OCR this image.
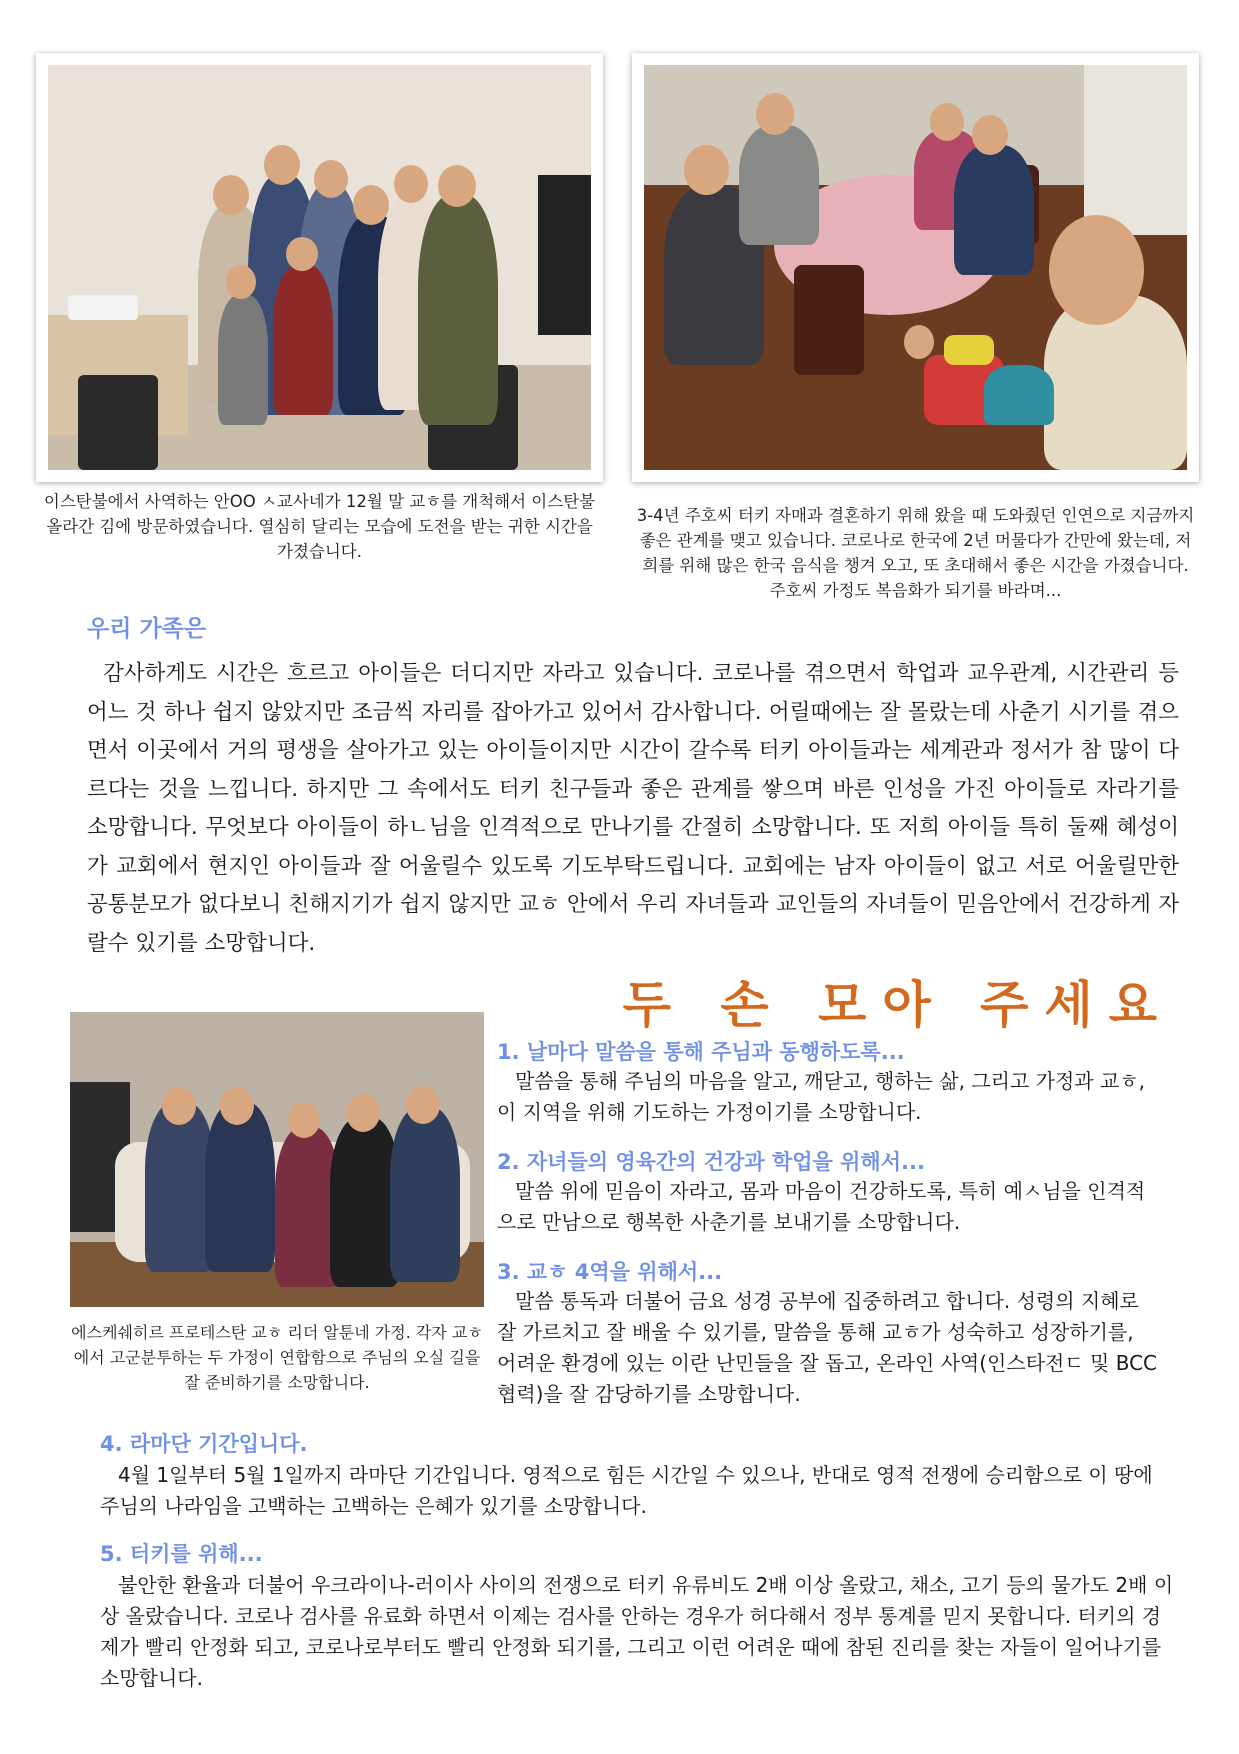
이스탄불에서 사역하는 안OO ㅅ교사네가 12월 말 교ㅎ를 개척해서 이스탄불 올라간 김에 방문하였습니다. 열심히 달리는 모습에 도전을 받는 귀한 시간을 가졌습니다.
3-4년 주호씨 터키 자매과 결혼하기 위해 왔을 때 도와줬던 인연으로 지금까지 좋은 관계를 맺고 있습니다. 코로나로 한국에 2년 머물다가 간만에 왔는데, 저희를 위해 많은 한국 음식을 챙겨 오고, 또 초대해서 좋은 시간을 가졌습니다. 주호씨 가정도 복음화가 되기를 바라며...
우리 가족은

감사하게도 시간은 흐르고 아이들은 더디지만 자라고 있습니다. 코로나를 겪으면서 학업과 교우관계, 시간관리 등 어느 것 하나 쉽지 않았지만 조금씩 자리를 잡아가고 있어서 감사합니다. 어릴때에는 잘 몰랐는데 사춘기 시기를 겪으면서 이곳에서 거의 평생을 살아가고 있는 아이들이지만 시간이 갈수록 터키 아이들과는 세계관과 정서가 참 많이 다르다는 것을 느낍니다. 하지만 그 속에서도 터키 친구들과 좋은 관계를 쌓으며 바른 인성을 가진 아이들로 자라기를 소망합니다. 무엇보다 아이들이 하ㄴ님을 인격적으로 만나기를 간절히 소망합니다. 또 저희 아이들 특히 둘째 혜성이가 교회에서 현지인 아이들과 잘 어울릴수 있도록 기도부탁드립니다. 교회에는 남자 아이들이 없고 서로 어울릴만한 공통분모가 없다보니 친해지기가 쉽지 않지만 교ㅎ 안에서 우리 자녀들과 교인들의 자녀들이 믿음안에서 건강하게 자랄수 있기를 소망합니다.

두 손 모아 주세요
에스케쉐히르 프로테스탄 교ㅎ 리더 알툰네 가정. 각자 교ㅎ에서 고군분투하는 두 가정이 연합함으로 주님의 오실 길을 잘 준비하기를 소망합니다.
1. 날마다 말씀을 통해 주님과 동행하도록...

말씀을 통해 주님의 마음을 알고, 깨닫고, 행하는 삶, 그리고 가정과 교ㅎ, 이 지역을 위해 기도하는 가정이기를 소망합니다.

2. 자녀들의 영육간의 건강과 학업을 위해서...

말씀 위에 믿음이 자라고, 몸과 마음이 건강하도록, 특히 예ㅅ님을 인격적으로 만남으로 행복한 사춘기를 보내기를 소망합니다.

3. 교ㅎ 4역을 위해서...

말씀 통독과 더불어 금요 성경 공부에 집중하려고 합니다. 성령의 지혜로 잘 가르치고 잘 배울 수 있기를, 말씀을 통해 교ㅎ가 성숙하고 성장하기를, 어려운 환경에 있는 이란 난민들을 잘 돕고, 온라인 사역(인스타전ㄷ 및 BCC 협력)을 잘 감당하기를 소망합니다.

4. 라마단 기간입니다.

4월 1일부터 5월 1일까지 라마단 기간입니다. 영적으로 힘든 시간일 수 있으나, 반대로 영적 전쟁에 승리함으로 이 땅에 주님의 나라임을 고백하는 고백하는 은혜가 있기를 소망합니다.

5. 터키를 위해...

불안한 환율과 더불어 우크라이나-러이사 사이의 전쟁으로 터키 유류비도 2배 이상 올랐고, 채소, 고기 등의 물가도 2배 이상 올랐습니다. 코로나 검사를 유료화 하면서 이제는 검사를 안하는 경우가 허다해서 정부 통계를 믿지 못합니다. 터키의 경제가 빨리 안정화 되고, 코로나로부터도 빨리 안정화 되기를, 그리고 이런 어려운 때에 참된 진리를 찾는 자들이 일어나기를 소망합니다.
